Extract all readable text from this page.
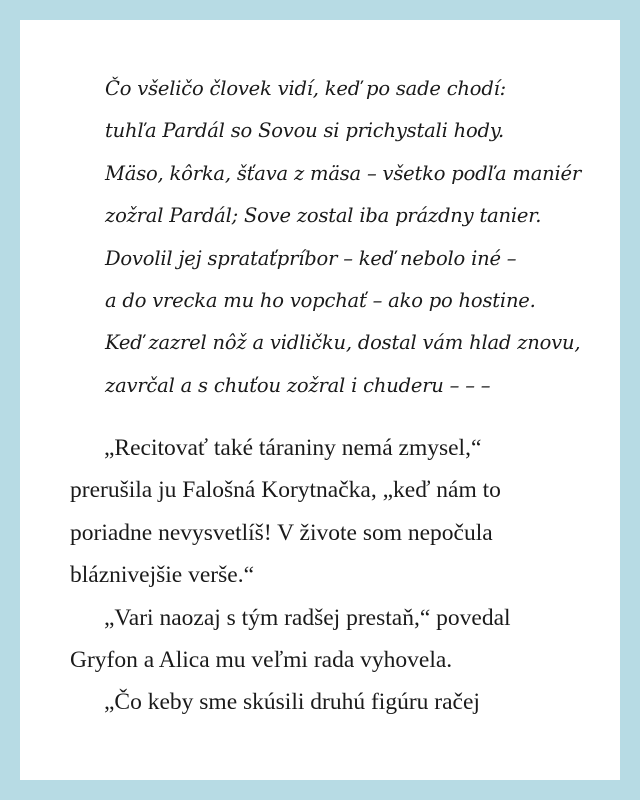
Čo všeličo človek vidí, keď po sade chodí:
tuhľa Pardál so Sovou si prichystali hody.
Mäso, kôrka, šťava z mäsa – všetko podľa maniér
zožral Pardál; Sove zostal iba prázdny tanier.
Dovolil jej sprataťpríbor – keď nebolo iné –
a do vrecka mu ho vopchať – ako po hostine.
Keď zazrel nôž a vidličku, dostal vám hlad znovu,
zavrčal a s chuťou zožral i chuderu – – –
„Recitovať také táraniny nemá zmysel,“
prerušila ju Falošná Korytnačka, „keď nám to
poriadne nevysvetlíš! V živote som nepočula
bláznivejšie verše.“
„Vari naozaj s tým radšej prestaň,“ povedal
Gryfon a Alica mu veľmi rada vyhovela.
„Čo keby sme skúsili druhú figúru račej
